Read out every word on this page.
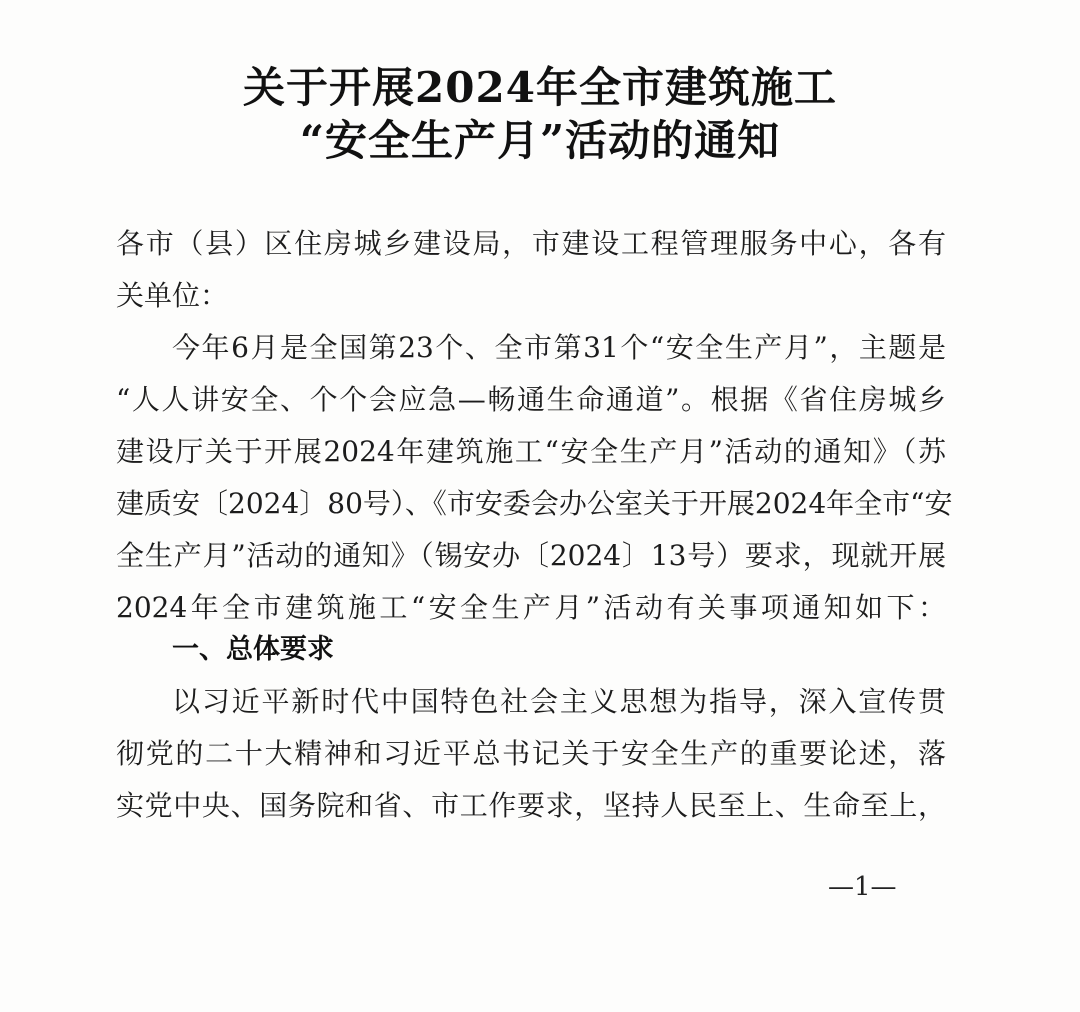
关于开展2024年全市建筑施工
“安全生产月”活动的通知
各市（县）区住房城乡建设局，市建设工程管理服务中心，各有
关单位：
今年6月是全国第23个、全市第31个“安全生产月”，主题是
“人人讲安全、个个会应急—畅通生命通道”。根据《省住房城乡
建设厅关于开展2024年建筑施工“安全生产月”活动的通知》（苏
建质安〔2024〕80号）、《市安委会办公室关于开展2024年全市“安
全生产月”活动的通知》（锡安办〔2024〕13号）要求，现就开展
2024年全市建筑施工“安全生产月”活动有关事项通知如下：
一、总体要求
以习近平新时代中国特色社会主义思想为指导，深入宣传贯
彻党的二十大精神和习近平总书记关于安全生产的重要论述，落
实党中央、国务院和省、市工作要求，坚持人民至上、生命至上，
—1—
